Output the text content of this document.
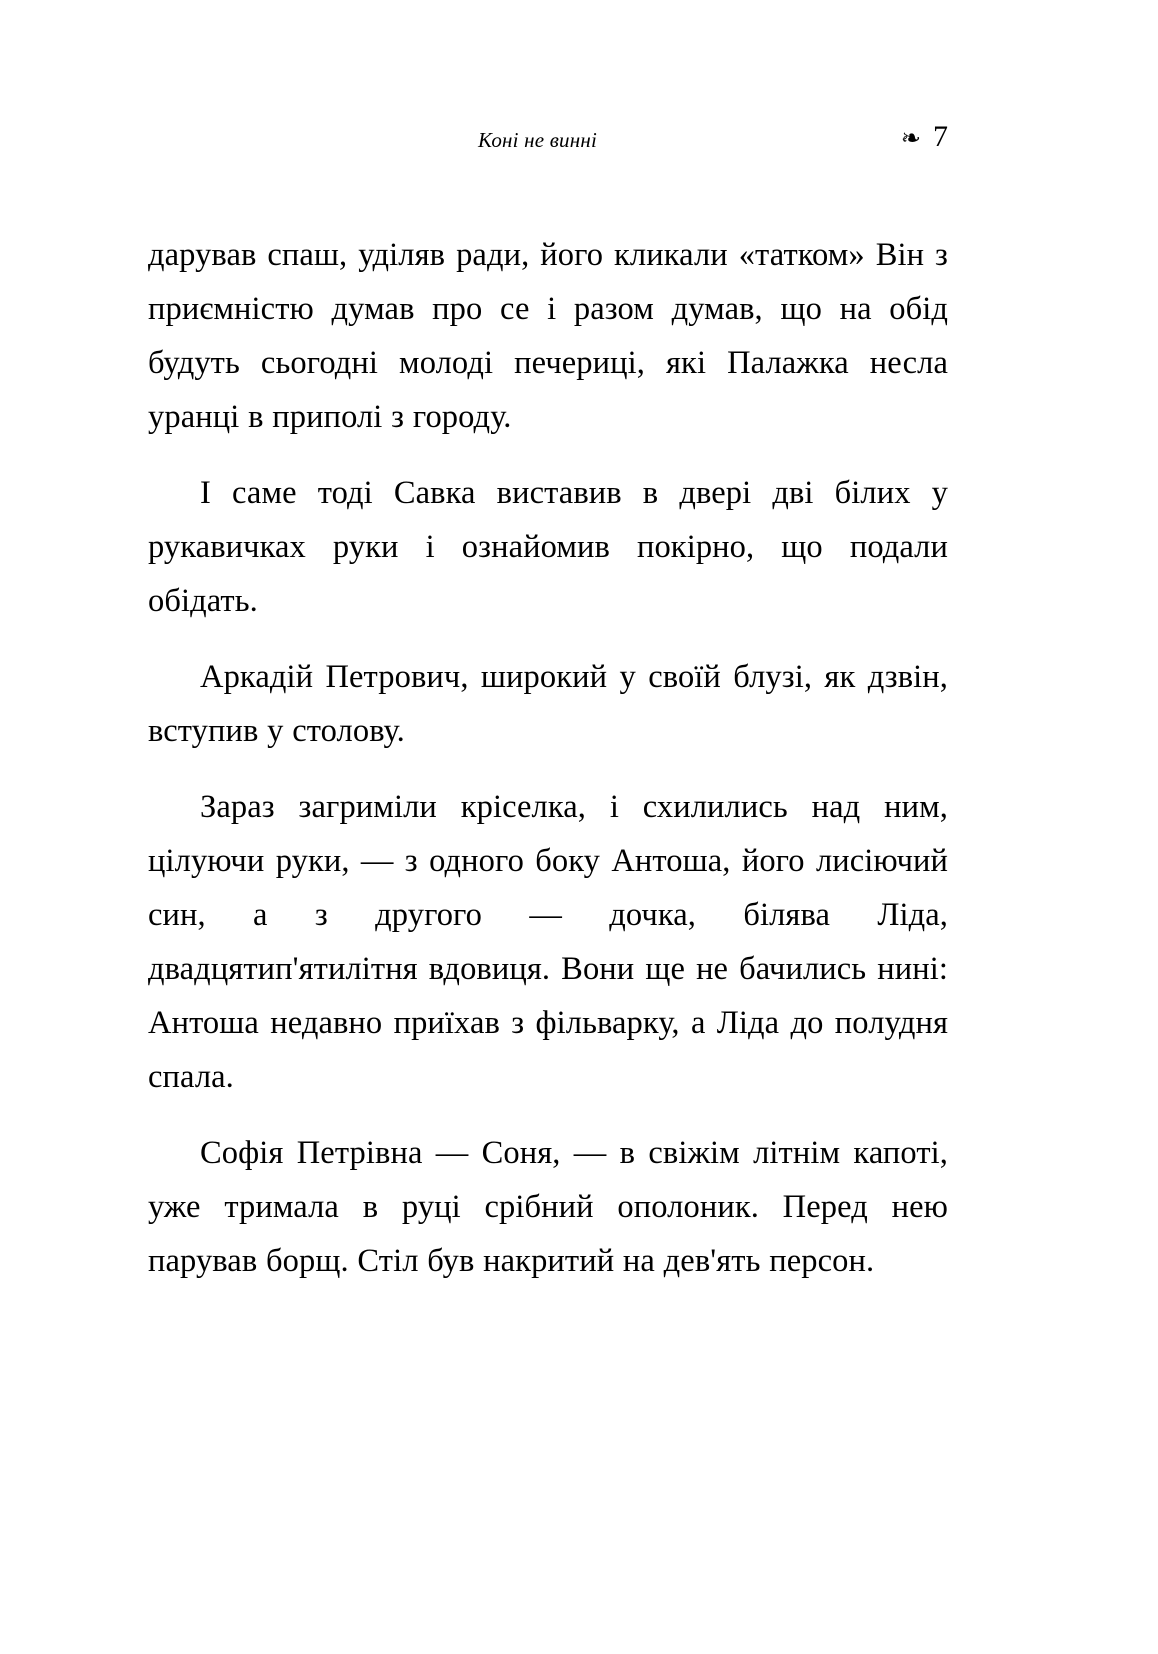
Коні не винні	❧ 7

дарував спаш, уділяв ради, його кликали «татком» Він з приємністю думав про се і разом думав, що на обід будуть сьогодні молоді печериці, які Палажка несла уранці в приполі з городу.

І саме тоді Савка виставив в двері дві білих у рукавичках руки і ознайомив покірно, що подали обідать.

Аркадій Петрович, широкий у своїй блузі, як дзвін, вступив у столову.

Зараз загриміли кріселка, і схилились над ним, цілуючи руки, — з одного боку Антоша, його лисіючий син, а з другого — дочка, білява Ліда, двадцятип'ятилітня вдовиця. Вони ще не бачились нині: Антоша недавно приїхав з фільварку, а Ліда до полудня спала.

Софія Петрівна — Соня, — в свіжім літнім капоті, уже тримала в руці срібний ополоник. Перед нею парував борщ. Стіл був накритий на дев'ять персон.
